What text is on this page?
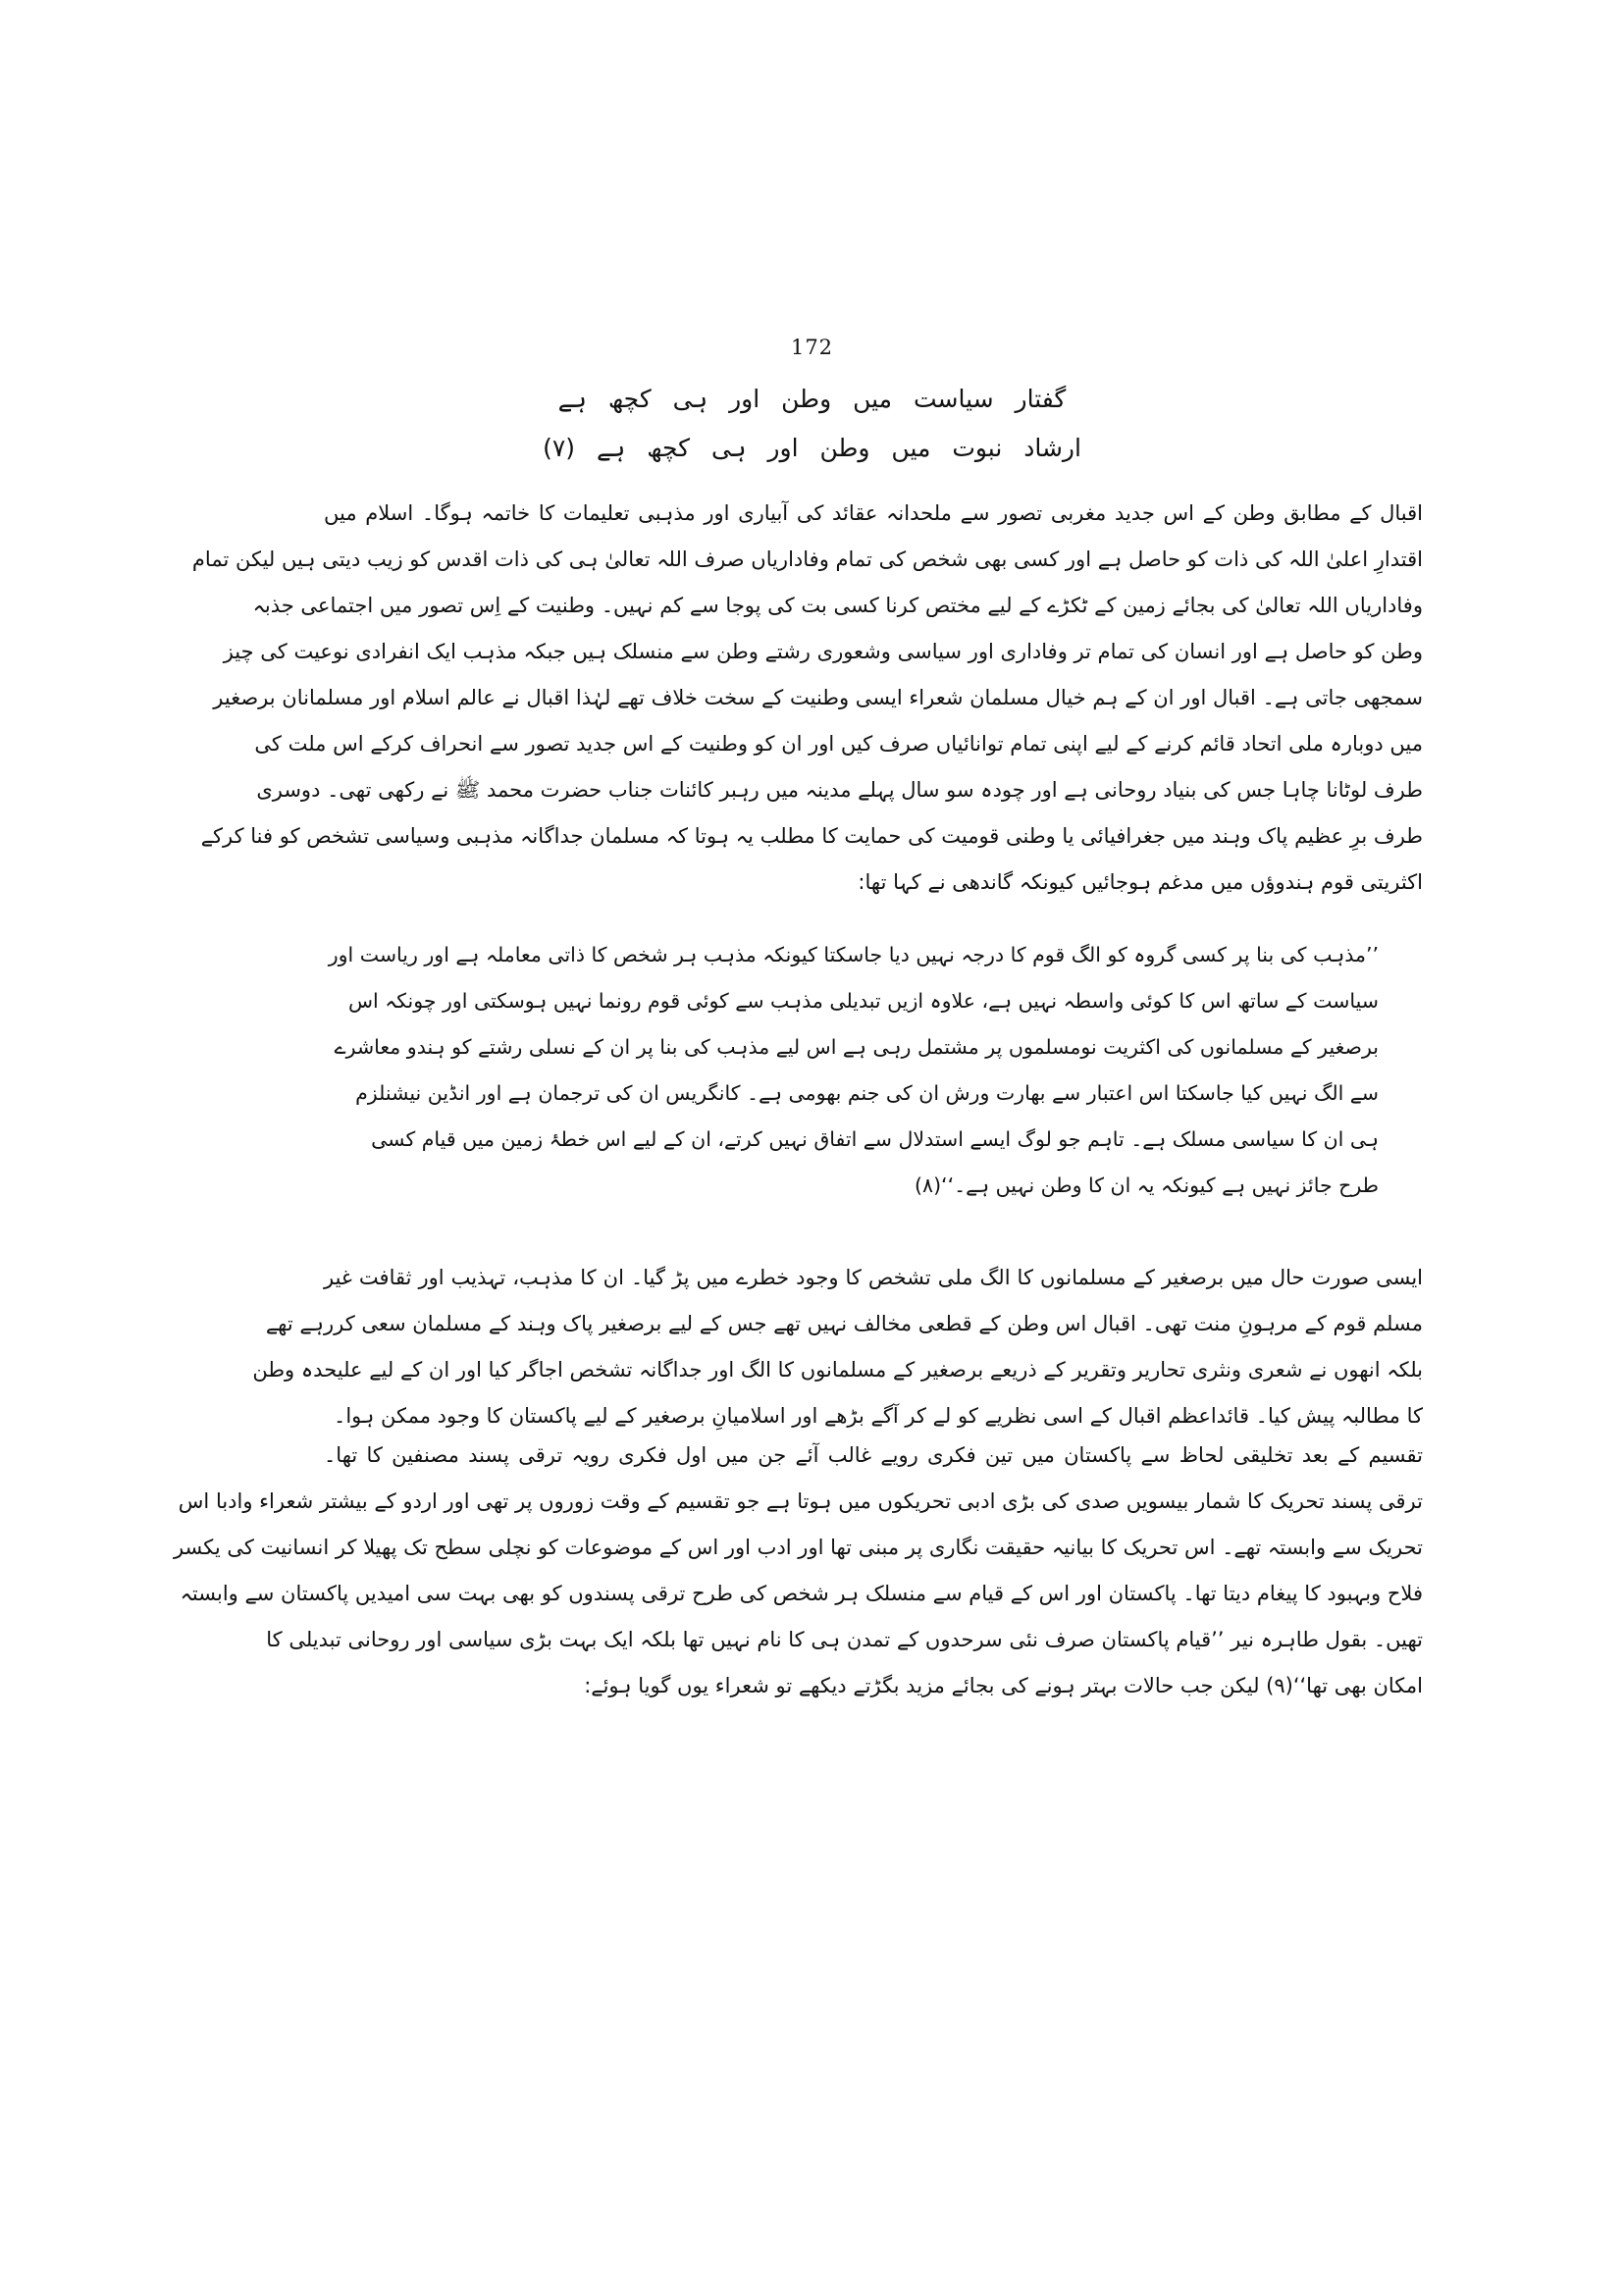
172
گفتار سیاست میں وطن اور ہی کچھ ہے
ارشاد نبوت میں وطن اور ہی کچھ ہے (۷)
اقبال کے مطابق وطن کے اس جدید مغربی تصور سے ملحدانہ عقائد کی آبیاری اور مذہبی تعلیمات کا خاتمہ ہوگا۔ اسلام میں
اقتدارِ اعلیٰ اللہ کی ذات کو حاصل ہے اور کسی بھی شخص کی تمام وفاداریاں صرف اللہ تعالیٰ ہی کی ذات اقدس کو زیب دیتی ہیں لیکن تمام
وفاداریاں اللہ تعالیٰ کی بجائے زمین کے ٹکڑے کے لیے مختص کرنا کسی بت کی پوجا سے کم نہیں۔ وطنیت کے اِس تصور میں اجتماعی جذبہ
وطن کو حاصل ہے اور انسان کی تمام تر وفاداری اور سیاسی وشعوری رشتے وطن سے منسلک ہیں جبکہ مذہب ایک انفرادی نوعیت کی چیز
سمجھی جاتی ہے۔ اقبال اور ان کے ہم خیال مسلمان شعراء ایسی وطنیت کے سخت خلاف تھے لہٰذا اقبال نے عالم اسلام اور مسلمانان برصغیر
میں دوبارہ ملی اتحاد قائم کرنے کے لیے اپنی تمام توانائیاں صرف کیں اور ان کو وطنیت کے اس جدید تصور سے انحراف کرکے اس ملت کی
طرف لوٹانا چاہا جس کی بنیاد روحانی ہے اور چودہ سو سال پہلے مدینہ میں رہبر کائنات جناب حضرت محمد ﷺ نے رکھی تھی۔ دوسری
طرف برِ عظیم پاک وہند میں جغرافیائی یا وطنی قومیت کی حمایت کا مطلب یہ ہوتا کہ مسلمان جداگانہ مذہبی وسیاسی تشخص کو فنا کرکے
اکثریتی قوم ہندوؤں میں مدغم ہوجائیں کیونکہ گاندھی نے کہا تھا:
’’مذہب کی بنا پر کسی گروہ کو الگ قوم کا درجہ نہیں دیا جاسکتا کیونکہ مذہب ہر شخص کا ذاتی معاملہ ہے اور ریاست اور
سیاست کے ساتھ اس کا کوئی واسطہ نہیں ہے، علاوہ ازیں تبدیلی مذہب سے کوئی قوم رونما نہیں ہوسکتی اور چونکہ اس
برصغیر کے مسلمانوں کی اکثریت نومسلموں پر مشتمل رہی ہے اس لیے مذہب کی بنا پر ان کے نسلی رشتے کو ہندو معاشرے
سے الگ نہیں کیا جاسکتا اس اعتبار سے بھارت ورش ان کی جنم بھومی ہے۔ کانگریس ان کی ترجمان ہے اور انڈین نیشنلزم
ہی ان کا سیاسی مسلک ہے۔ تاہم جو لوگ ایسے استدلال سے اتفاق نہیں کرتے، ان کے لیے اس خطۂ زمین میں قیام کسی
طرح جائز نہیں ہے کیونکہ یہ ان کا وطن نہیں ہے۔‘‘(۸)
ایسی صورت حال میں برصغیر کے مسلمانوں کا الگ ملی تشخص کا وجود خطرے میں پڑ گیا۔ ان کا مذہب، تہذیب اور ثقافت غیر
مسلم قوم کے مرہونِ منت تھی۔ اقبال اس وطن کے قطعی مخالف نہیں تھے جس کے لیے برصغیر پاک وہند کے مسلمان سعی کررہے تھے
بلکہ انھوں نے شعری ونثری تحاریر وتقریر کے ذریعے برصغیر کے مسلمانوں کا الگ اور جداگانہ تشخص اجاگر کیا اور ان کے لیے علیحدہ وطن
کا مطالبہ پیش کیا۔ قائداعظم اقبال کے اسی نظریے کو لے کر آگے بڑھے اور اسلامیانِ برصغیر کے لیے پاکستان کا وجود ممکن ہوا۔
تقسیم کے بعد تخلیقی لحاظ سے پاکستان میں تین فکری رویے غالب آئے جن میں اول فکری رویہ ترقی پسند مصنفین کا تھا۔
ترقی پسند تحریک کا شمار بیسویں صدی کی بڑی ادبی تحریکوں میں ہوتا ہے جو تقسیم کے وقت زوروں پر تھی اور اردو کے بیشتر شعراء وادبا اس
تحریک سے وابستہ تھے۔ اس تحریک کا بیانیہ حقیقت نگاری پر مبنی تھا اور ادب اور اس کے موضوعات کو نچلی سطح تک پھیلا کر انسانیت کی یکسر
فلاح وبہبود کا پیغام دیتا تھا۔ پاکستان اور اس کے قیام سے منسلک ہر شخص کی طرح ترقی پسندوں کو بھی بہت سی امیدیں پاکستان سے وابستہ
تھیں۔ بقول طاہرہ نیر ’’قیام پاکستان صرف نئی سرحدوں کے تمدن ہی کا نام نہیں تھا بلکہ ایک بہت بڑی سیاسی اور روحانی تبدیلی کا
امکان بھی تھا‘‘(۹) لیکن جب حالات بہتر ہونے کی بجائے مزید بگڑتے دیکھے تو شعراء یوں گویا ہوئے:
